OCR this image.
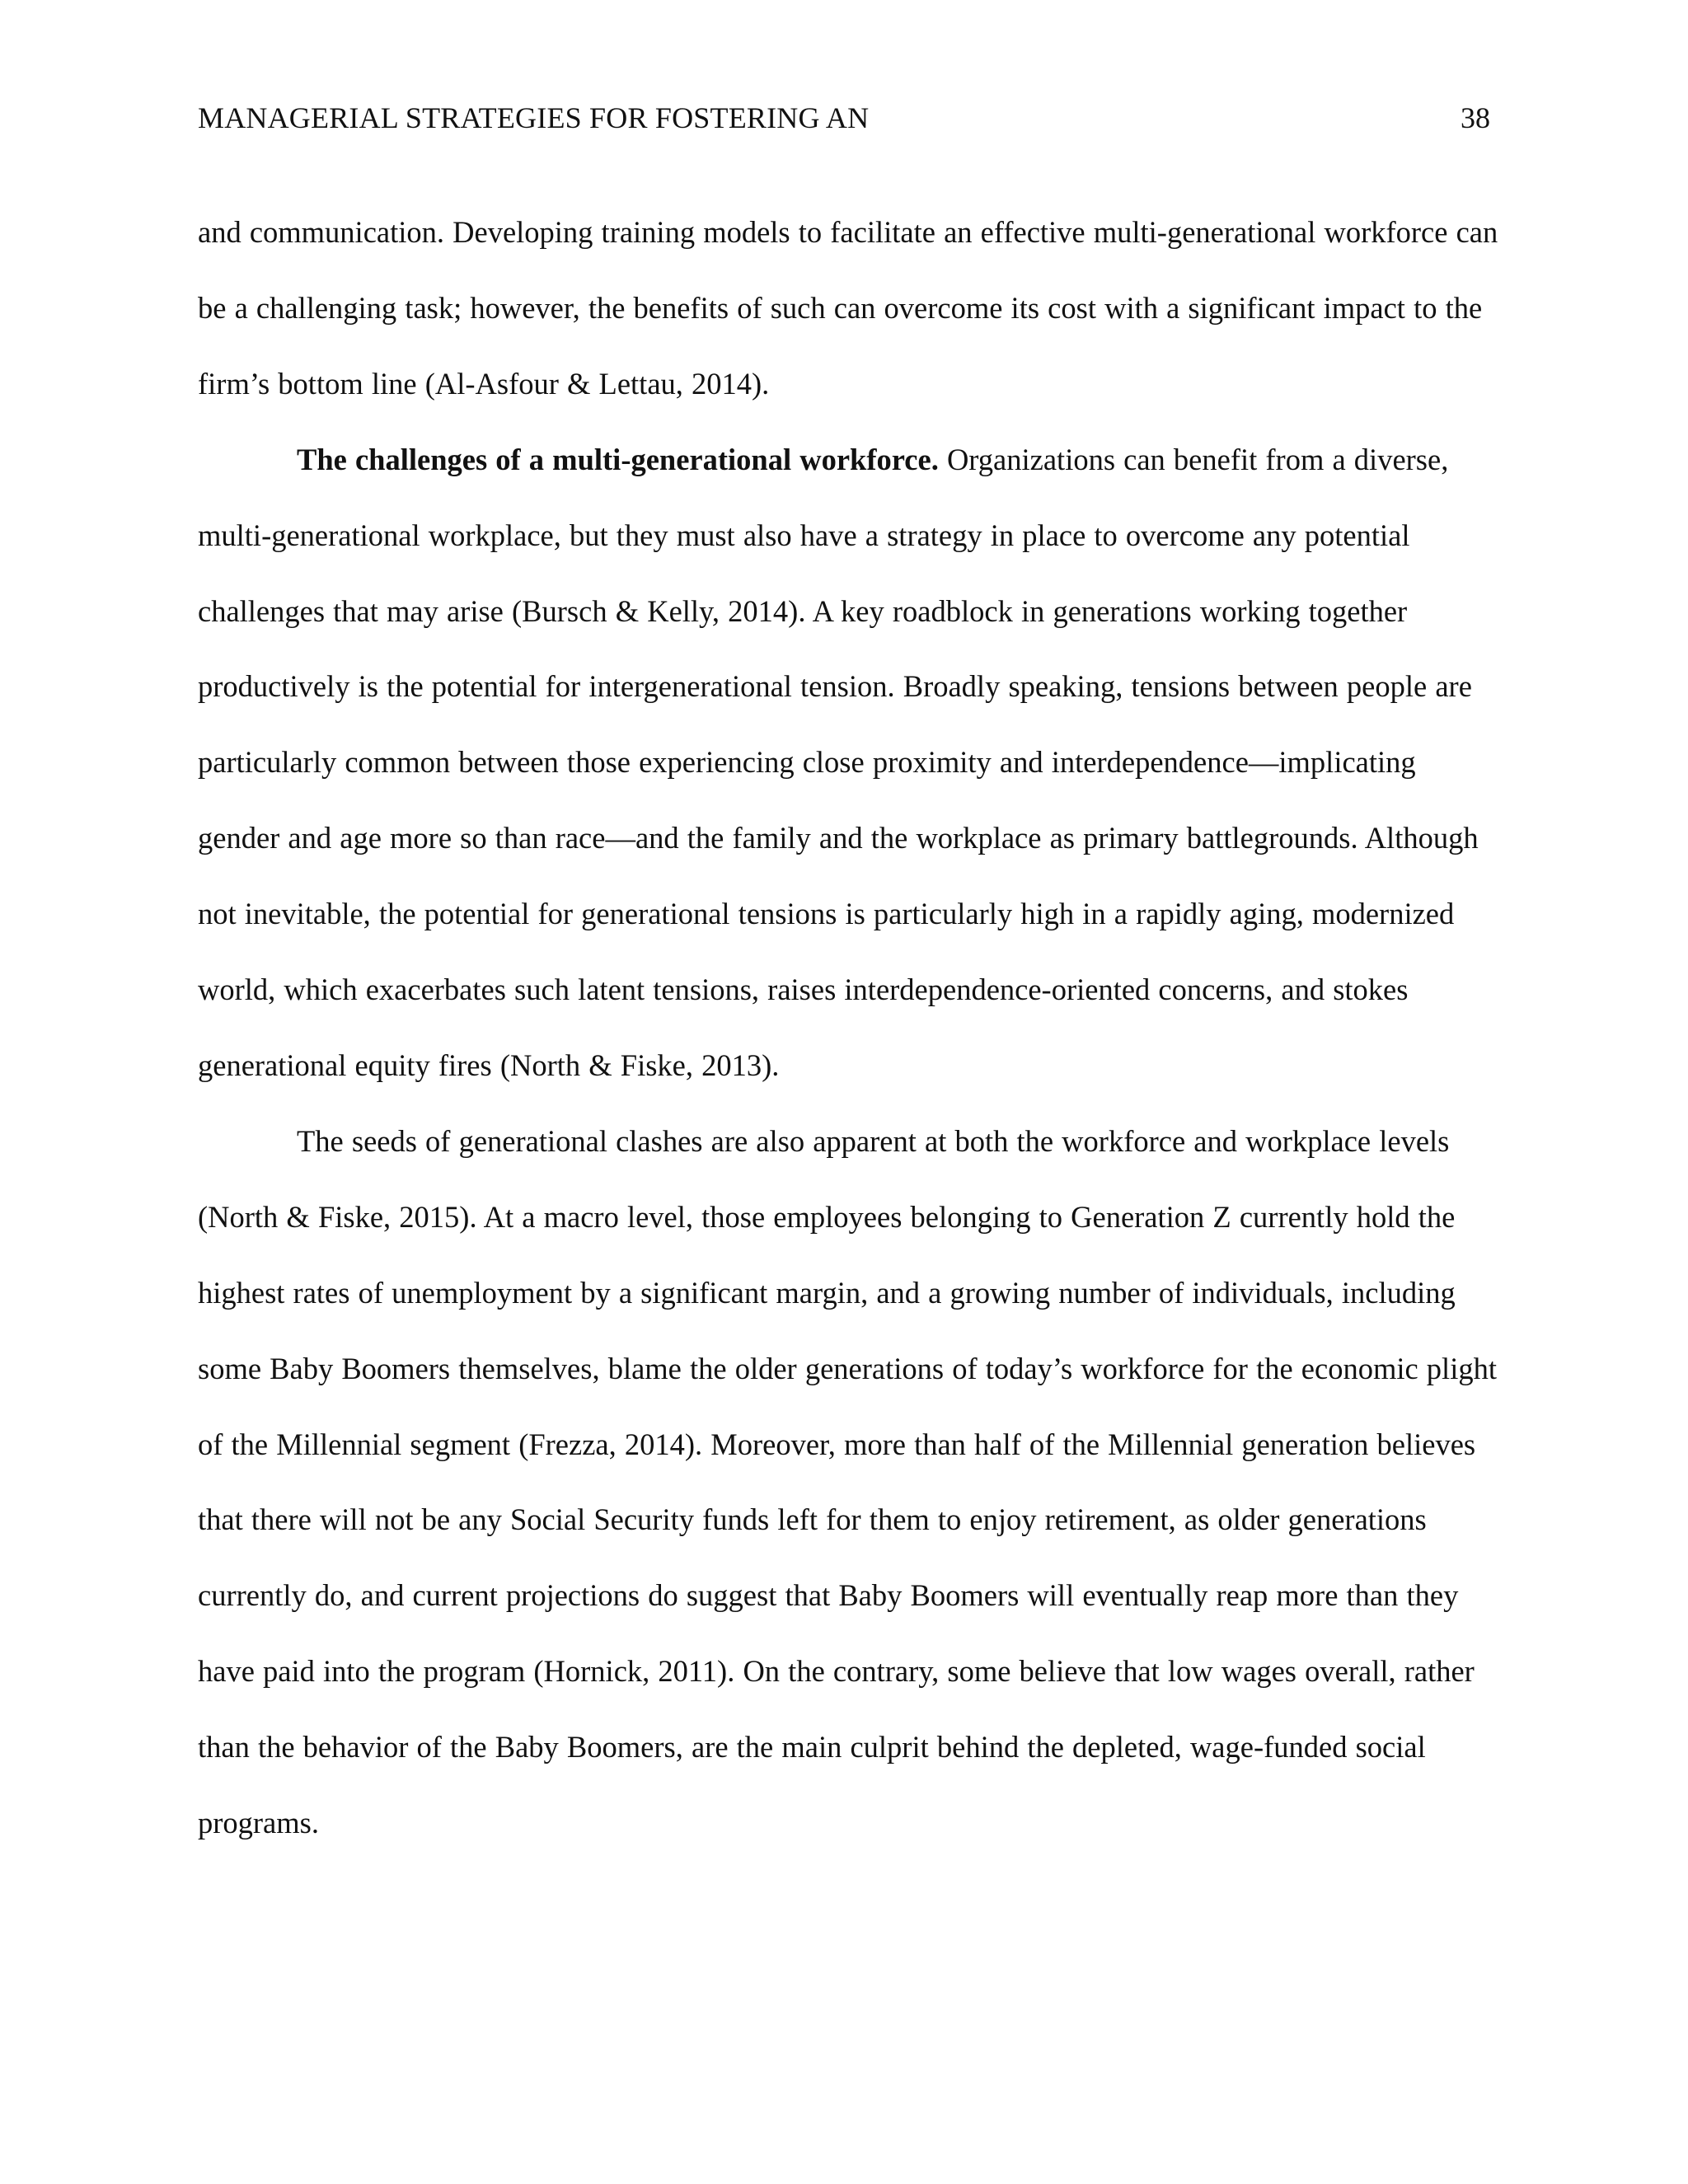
MANAGERIAL STRATEGIES FOR FOSTERING AN	38

and communication. Developing training models to facilitate an effective multi-generational workforce can be a challenging task; however, the benefits of such can overcome its cost with a significant impact to the firm’s bottom line (Al-Asfour & Lettau, 2014).

The challenges of a multi-generational workforce. Organizations can benefit from a diverse, multi-generational workplace, but they must also have a strategy in place to overcome any potential challenges that may arise (Bursch & Kelly, 2014). A key roadblock in generations working together productively is the potential for intergenerational tension. Broadly speaking, tensions between people are particularly common between those experiencing close proximity and interdependence—implicating gender and age more so than race—and the family and the workplace as primary battlegrounds. Although not inevitable, the potential for generational tensions is particularly high in a rapidly aging, modernized world, which exacerbates such latent tensions, raises interdependence-oriented concerns, and stokes generational equity fires (North & Fiske, 2013).

The seeds of generational clashes are also apparent at both the workforce and workplace levels (North & Fiske, 2015). At a macro level, those employees belonging to Generation Z currently hold the highest rates of unemployment by a significant margin, and a growing number of individuals, including some Baby Boomers themselves, blame the older generations of today’s workforce for the economic plight of the Millennial segment (Frezza, 2014). Moreover, more than half of the Millennial generation believes that there will not be any Social Security funds left for them to enjoy retirement, as older generations currently do, and current projections do suggest that Baby Boomers will eventually reap more than they have paid into the program (Hornick, 2011). On the contrary, some believe that low wages overall, rather than the behavior of the Baby Boomers, are the main culprit behind the depleted, wage-funded social programs.
